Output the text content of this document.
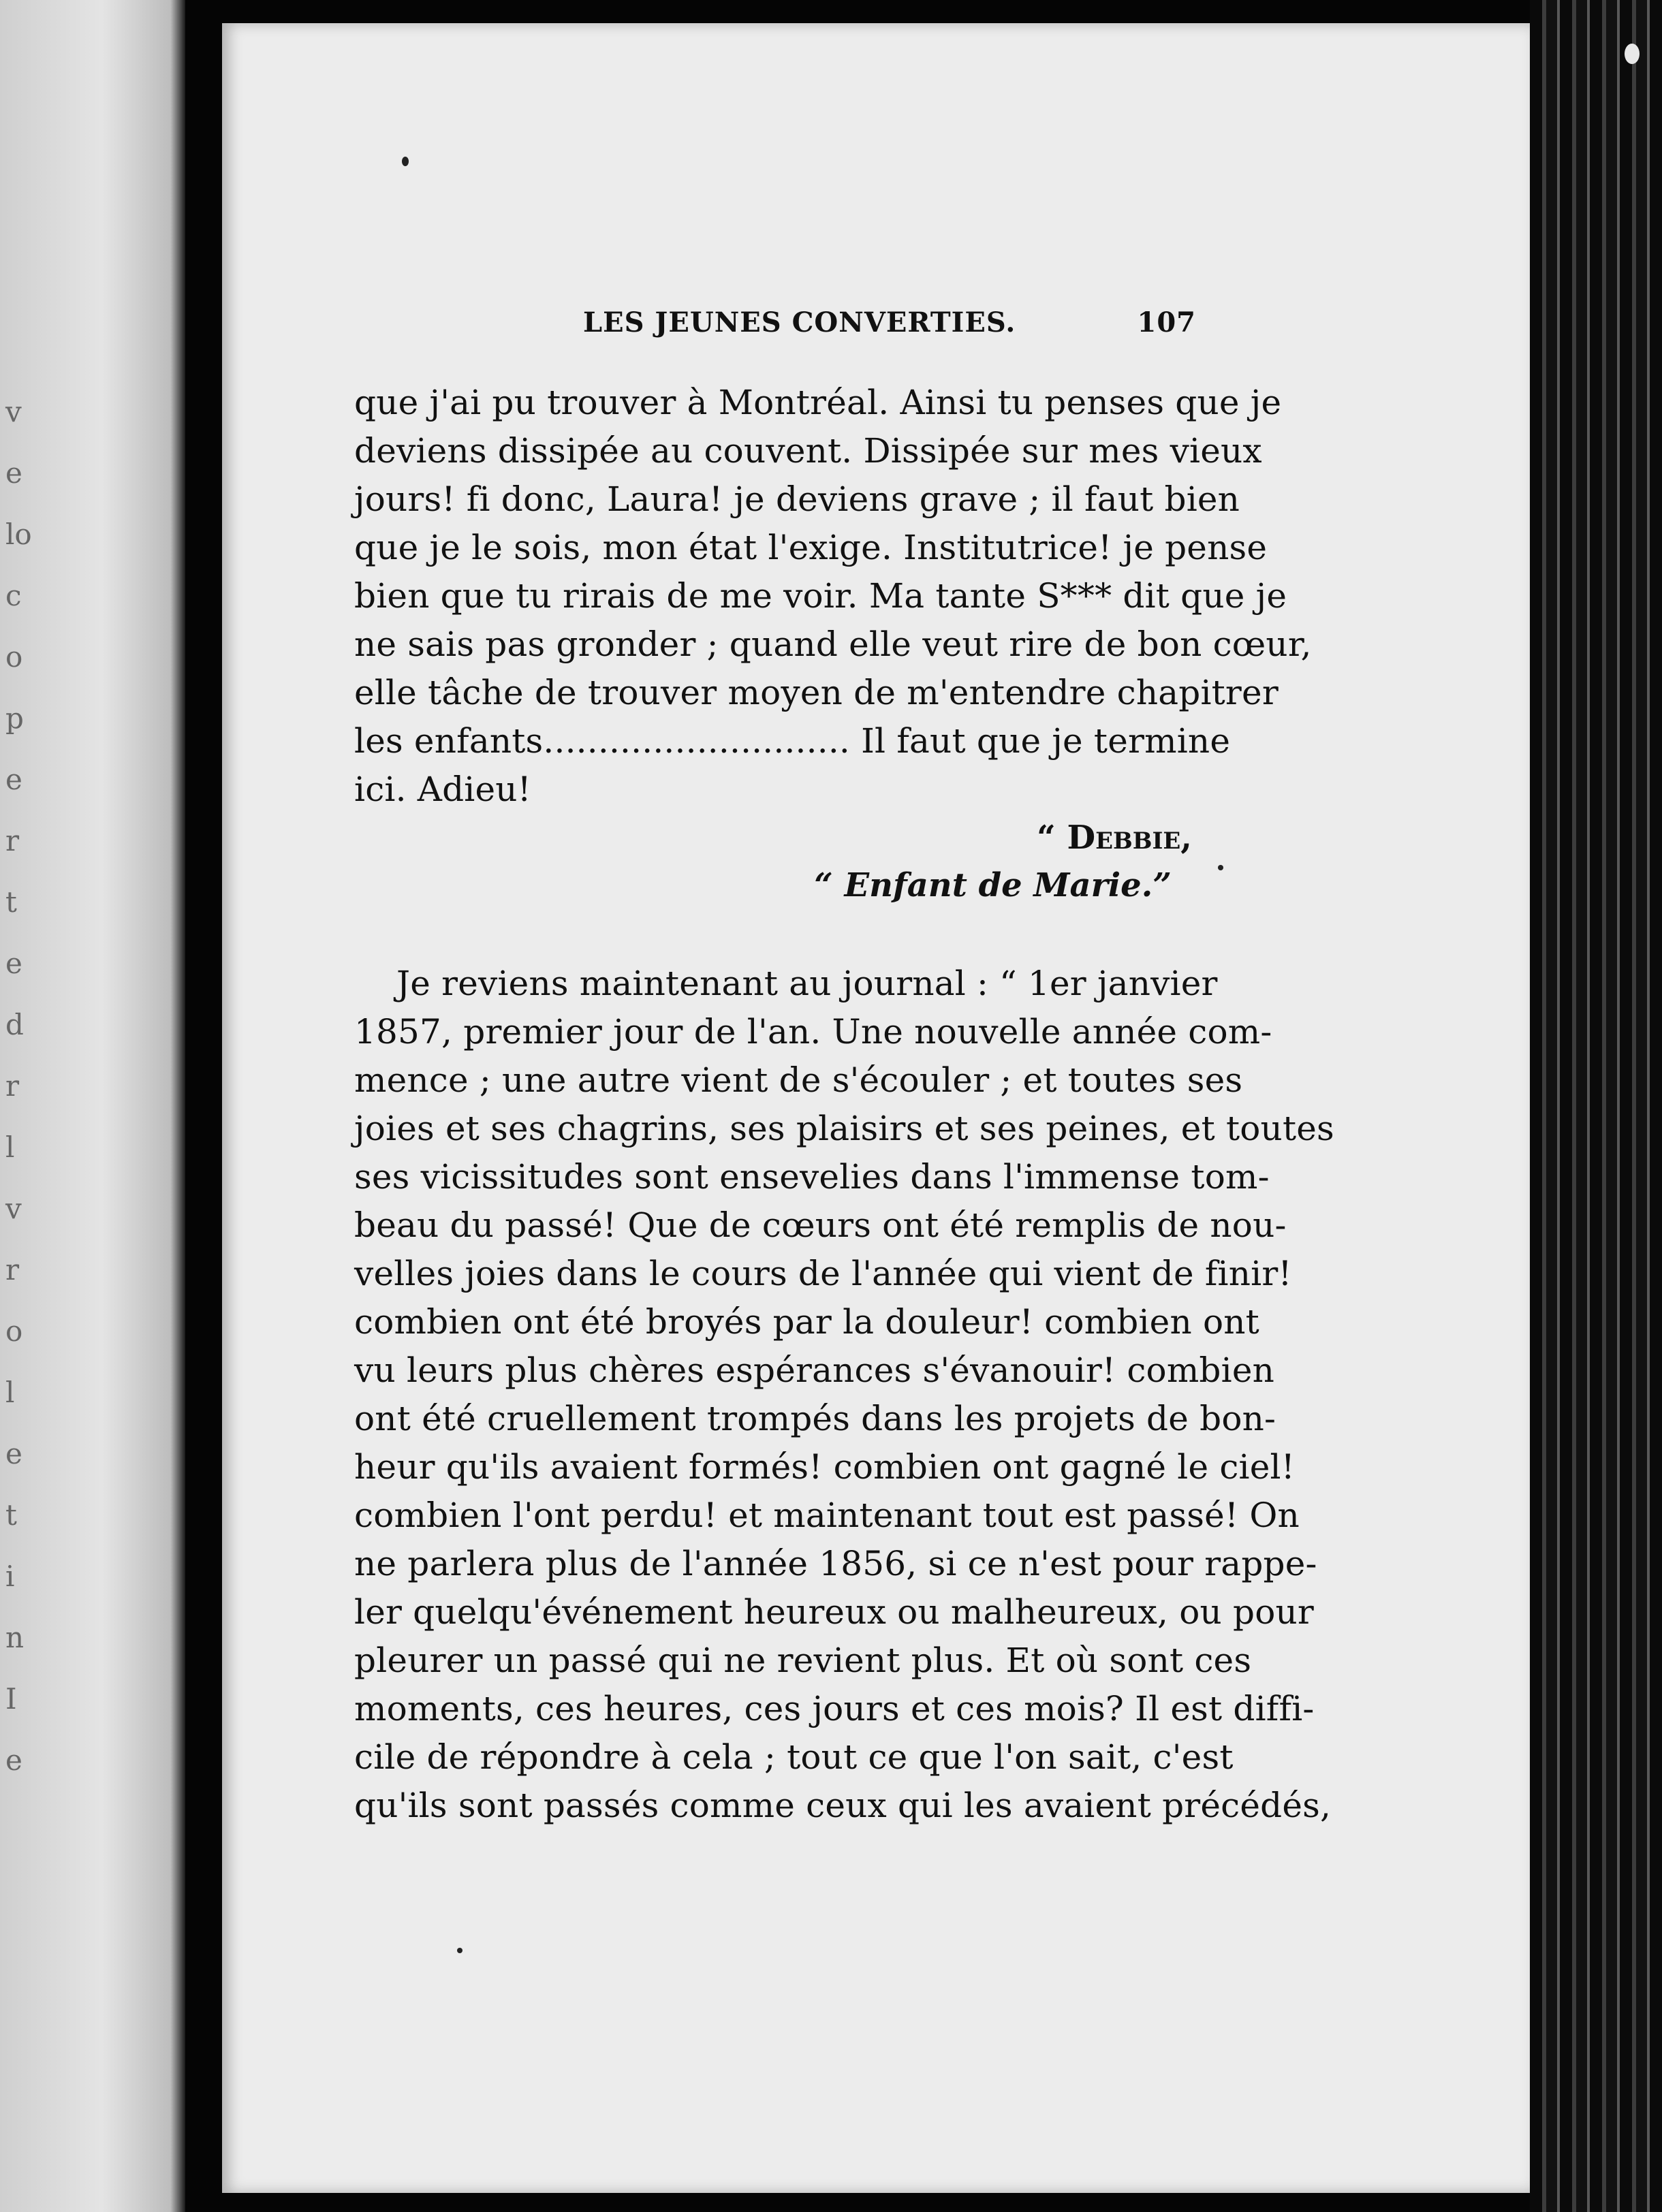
v
e
lo
c
o
p
e
r
t
e
d
r
l
v
r
o
l
e
t
i
n
I
e
LES JEUNES CONVERTIES.	107
que j'ai pu trouver à Montréal. Ainsi tu penses que je
deviens dissipée au couvent. Dissipée sur mes vieux
jours! fi donc, Laura! je deviens grave ; il faut bien
que je le sois, mon état l'exige. Institutrice! je pense
bien que tu rirais de me voir. Ma tante S*** dit que je
ne sais pas gronder ; quand elle veut rire de bon cœur,
elle tâche de trouver moyen de m'entendre chapitrer
les enfants............................ Il faut que je termine
ici. Adieu!
“ Debbie,
“ Enfant de Marie.”
Je reviens maintenant au journal : “ 1er janvier
1857, premier jour de l'an. Une nouvelle année com-
mence ; une autre vient de s'écouler ; et toutes ses
joies et ses chagrins, ses plaisirs et ses peines, et toutes
ses vicissitudes sont ensevelies dans l'immense tom-
beau du passé! Que de cœurs ont été remplis de nou-
velles joies dans le cours de l'année qui vient de finir!
combien ont été broyés par la douleur! combien ont
vu leurs plus chères espérances s'évanouir! combien
ont été cruellement trompés dans les projets de bon-
heur qu'ils avaient formés! combien ont gagné le ciel!
combien l'ont perdu! et maintenant tout est passé! On
ne parlera plus de l'année 1856, si ce n'est pour rappe-
ler quelqu'événement heureux ou malheureux, ou pour
pleurer un passé qui ne revient plus. Et où sont ces
moments, ces heures, ces jours et ces mois? Il est diffi-
cile de répondre à cela ; tout ce que l'on sait, c'est
qu'ils sont passés comme ceux qui les avaient précédés,
